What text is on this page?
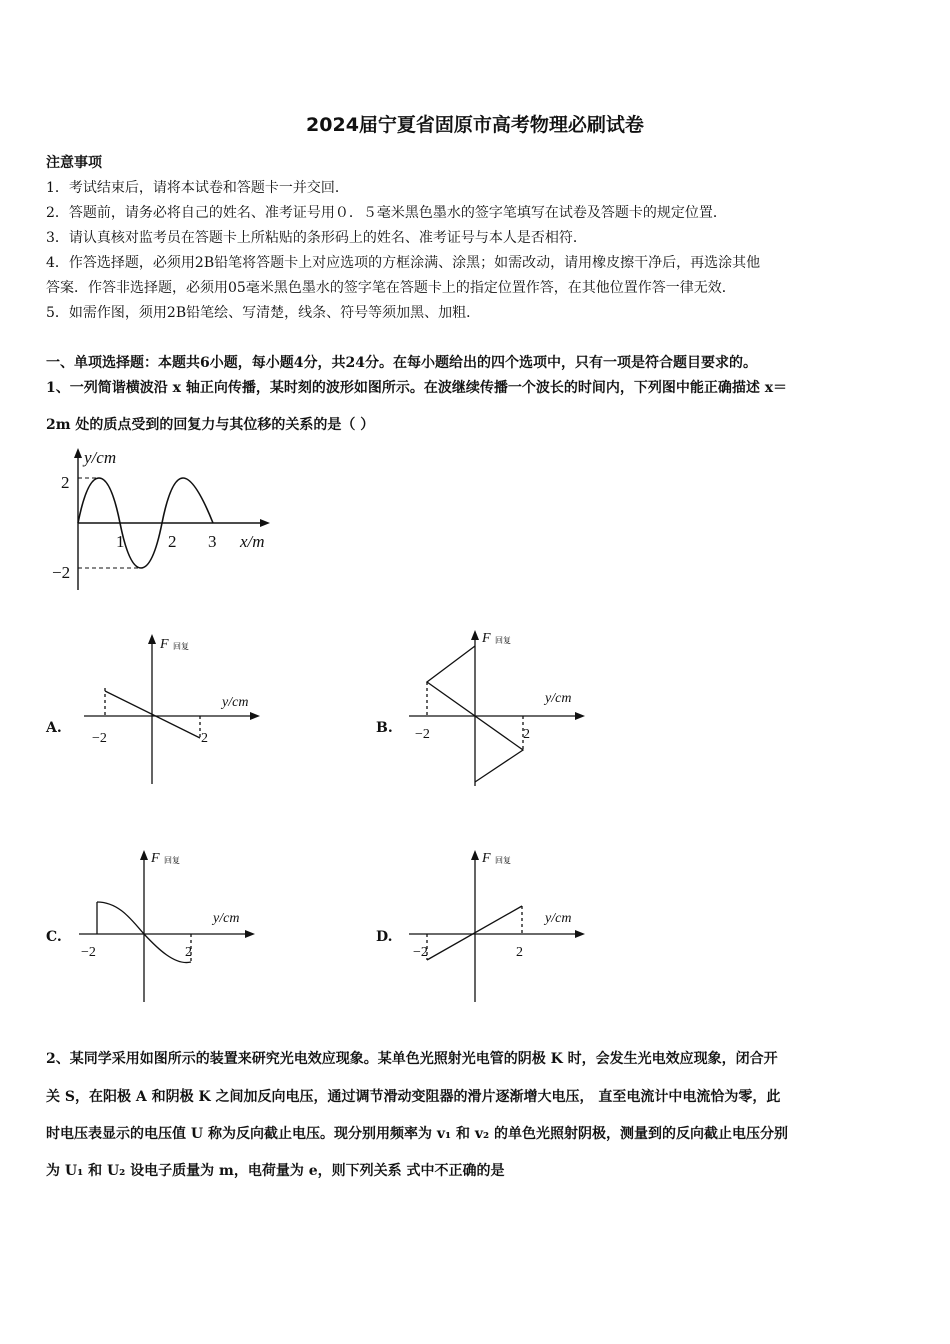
2024届宁夏省固原市高考物理必刷试卷
注意事项
1．考试结束后，请将本试卷和答题卡一并交回．
2．答题前，请务必将自己的姓名、准考证号用０．５毫米黑色墨水的签字笔填写在试卷及答题卡的规定位置．
3．请认真核对监考员在答题卡上所粘贴的条形码上的姓名、准考证号与本人是否相符．
4．作答选择题，必须用2B铅笔将答题卡上对应选项的方框涂满、涂黑；如需改动，请用橡皮擦干净后，再选涂其他
答案．作答非选择题，必须用05毫米黑色墨水的签字笔在答题卡上的指定位置作答，在其他位置作答一律无效．
5．如需作图，须用2B铅笔绘、写清楚，线条、符号等须加黑、加粗．
一、单项选择题：本题共6小题，每小题4分，共24分。在每小题给出的四个选项中，只有一项是符合题目要求的。
1、一列简谐横波沿 x 轴正向传播，某时刻的波形如图所示。在波继续传播一个波长的时间内，下列图中能正确描述 x＝
2m 处的质点受到的回复力与其位移的关系的是（ ）
y/cm
2
−2
1	2 3 x/m
A.
F 回复
y/cm
−2	2
B.
F 回复
y/cm
−2	2
C.
F 回复
y/cm
−2	2
D.
F 回复
y/cm
−2	2
2、某同学采用如图所示的装置来研究光电效应现象。某单色光照射光电管的阴极 K 时，会发生光电效应现象，闭合开
关 S，在阳极 A 和阴极 K 之间加反向电压，通过调节滑动变阻器的滑片逐渐增大电压， 直至电流计中电流恰为零，此
时电压表显示的电压值 U 称为反向截止电压。现分别用频率为 v₁ 和 v₂ 的单色光照射阴极，测量到的反向截止电压分别
为 U₁ 和 U₂ 设电子质量为 m，电荷量为 e，则下列关系 式中不正确的是
